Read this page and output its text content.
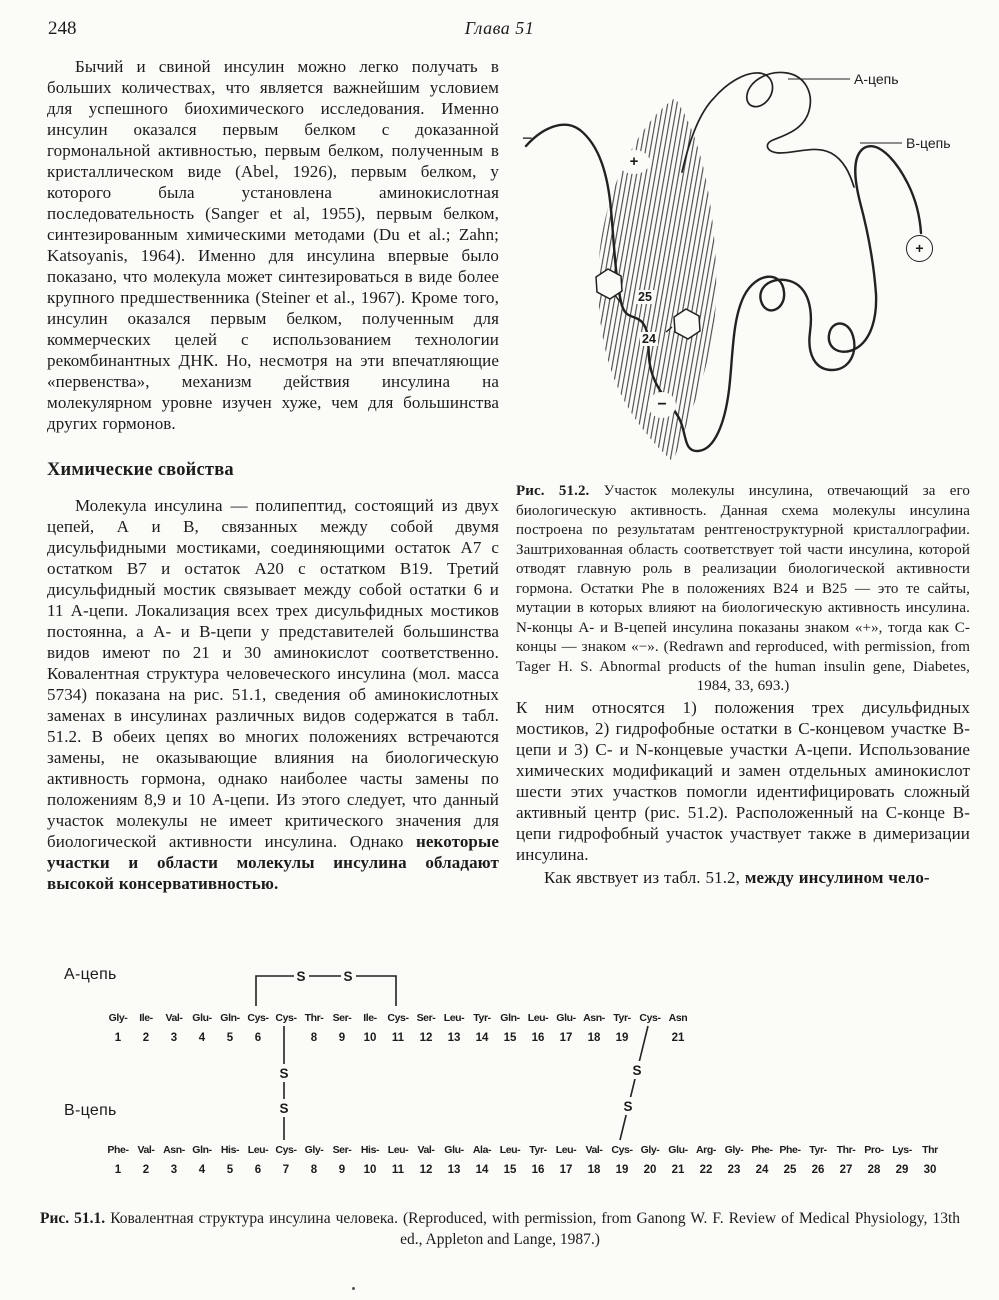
248	Глава 51

Бычий и свиной инсулин можно легко получать в больших количествах, что является важнейшим условием для успешного биохимического исследования. Именно инсулин оказался первым белком с доказанной гормональной активностью, первым белком, полученным в кристаллическом виде (Abel, 1926), первым белком, у которого была установлена аминокислотная последовательность (Sanger et al, 1955), первым белком, синтезированным химическими методами (Du et al.; Zahn; Katsoyanis, 1964). Именно для инсулина впервые было показано, что молекула может синтезироваться в виде более крупного предшественника (Steiner et al., 1967). Кроме того, инсулин оказался первым белком, полученным для коммерческих целей с использованием технологии рекомбинантных ДНК. Но, несмотря на эти впечатляющие «первенства», механизм действия инсулина на молекулярном уровне изучен хуже, чем для большинства других гормонов.

Химические свойства

Молекула инсулина — полипептид, состоящий из двух цепей, А и В, связанных между собой двумя дисульфидными мостиками, соединяющими остаток А7 с остатком В7 и остаток А20 с остатком В19. Третий дисульфидный мостик связывает между собой остатки 6 и 11 А-цепи. Локализация всех трех дисульфидных мостиков постоянна, а А- и В-цепи у представителей большинства видов имеют по 21 и 30 аминокислот соответственно. Ковалентная структура человеческого инсулина (мол. масса 5734) показана на рис. 51.1, сведения об аминокислотных заменах в инсулинах различных видов содержатся в табл. 51.2. В обеих цепях во многих положениях встречаются замены, не оказывающие влияния на биологическую активность гормона, однако наиболее часты замены по положениям 8,9 и 10 А-цепи. Из этого следует, что данный участок молекулы не имеет критического значения для биологической активности инсулина. Однако некоторые участки и области молекулы инсулина обладают высокой консервативностью.

А-цепь
В-цепь
+
+
−
−
25
24

Рис. 51.2. Участок молекулы инсулина, отвечающий за его биологическую активность. Данная схема молекулы инсулина построена по результатам рентгеноструктурной кристаллографии. Заштрихованная область соответствует той части инсулина, которой отводят главную роль в реализации биологической активности гормона. Остатки Phe в положениях В24 и В25 — это те сайты, мутации в которых влияют на биологическую активность инсулина. N-концы А- и В-цепей инсулина показаны знаком «+», тогда как С-концы — знаком «−». (Redrawn and reproduced, with permission, from Tager H. S. Abnormal products of the human insulin gene, Diabetes, 1984, 33, 693.)

К ним относятся 1) положения трех дисульфидных мостиков, 2) гидрофобные остатки в С-концевом участке В-цепи и 3) С- и N-концевые участки А-цепи. Использование химических модификаций и замен отдельных аминокислот шести этих участков помогли идентифицировать сложный активный центр (рис. 51.2). Расположенный на С-конце В-цепи гидрофобный участок участвует также в димеризации инсулина.

Как явствует из табл. 51.2, между инсулином чело-

S	S
S
S
S
S
А-цепь
Gly-
1
Ile-
2
Val-
3
Glu-
4
Gln-
5
Cys-
6
Cys- Thr-
8
Ser-
9
Ile-
10
Cys-
11
Ser-
12
Leu-
13
Tyr-
14
Gln-
15
Leu-
16
Glu-
17
Asn-
18
Tyr-
19
Cys- Asn
21
В-цепь
Phe-
1
Val-
2
Asn-
3
Gln-
4
His-
5
Leu-
6
Cys-
7
Gly-
8
Ser-
9
His-
10
Leu-
11
Val-
12
Glu-
13
Ala-
14
Leu-
15
Tyr-
16
Leu-
17
Val-
18
Cys-
19
Gly-
20
Glu-
21
Arg-
22
Gly-
23
Phe-
24
Phe-
25
Tyr-
26
Thr-
27
Pro-
28
Lys-
29
Thr
30

Рис. 51.1. Ковалентная структура инсулина человека. (Reproduced, with permission, from Ganong W. F. Review of Medical Physiology, 13th ed., Appleton and Lange, 1987.)
